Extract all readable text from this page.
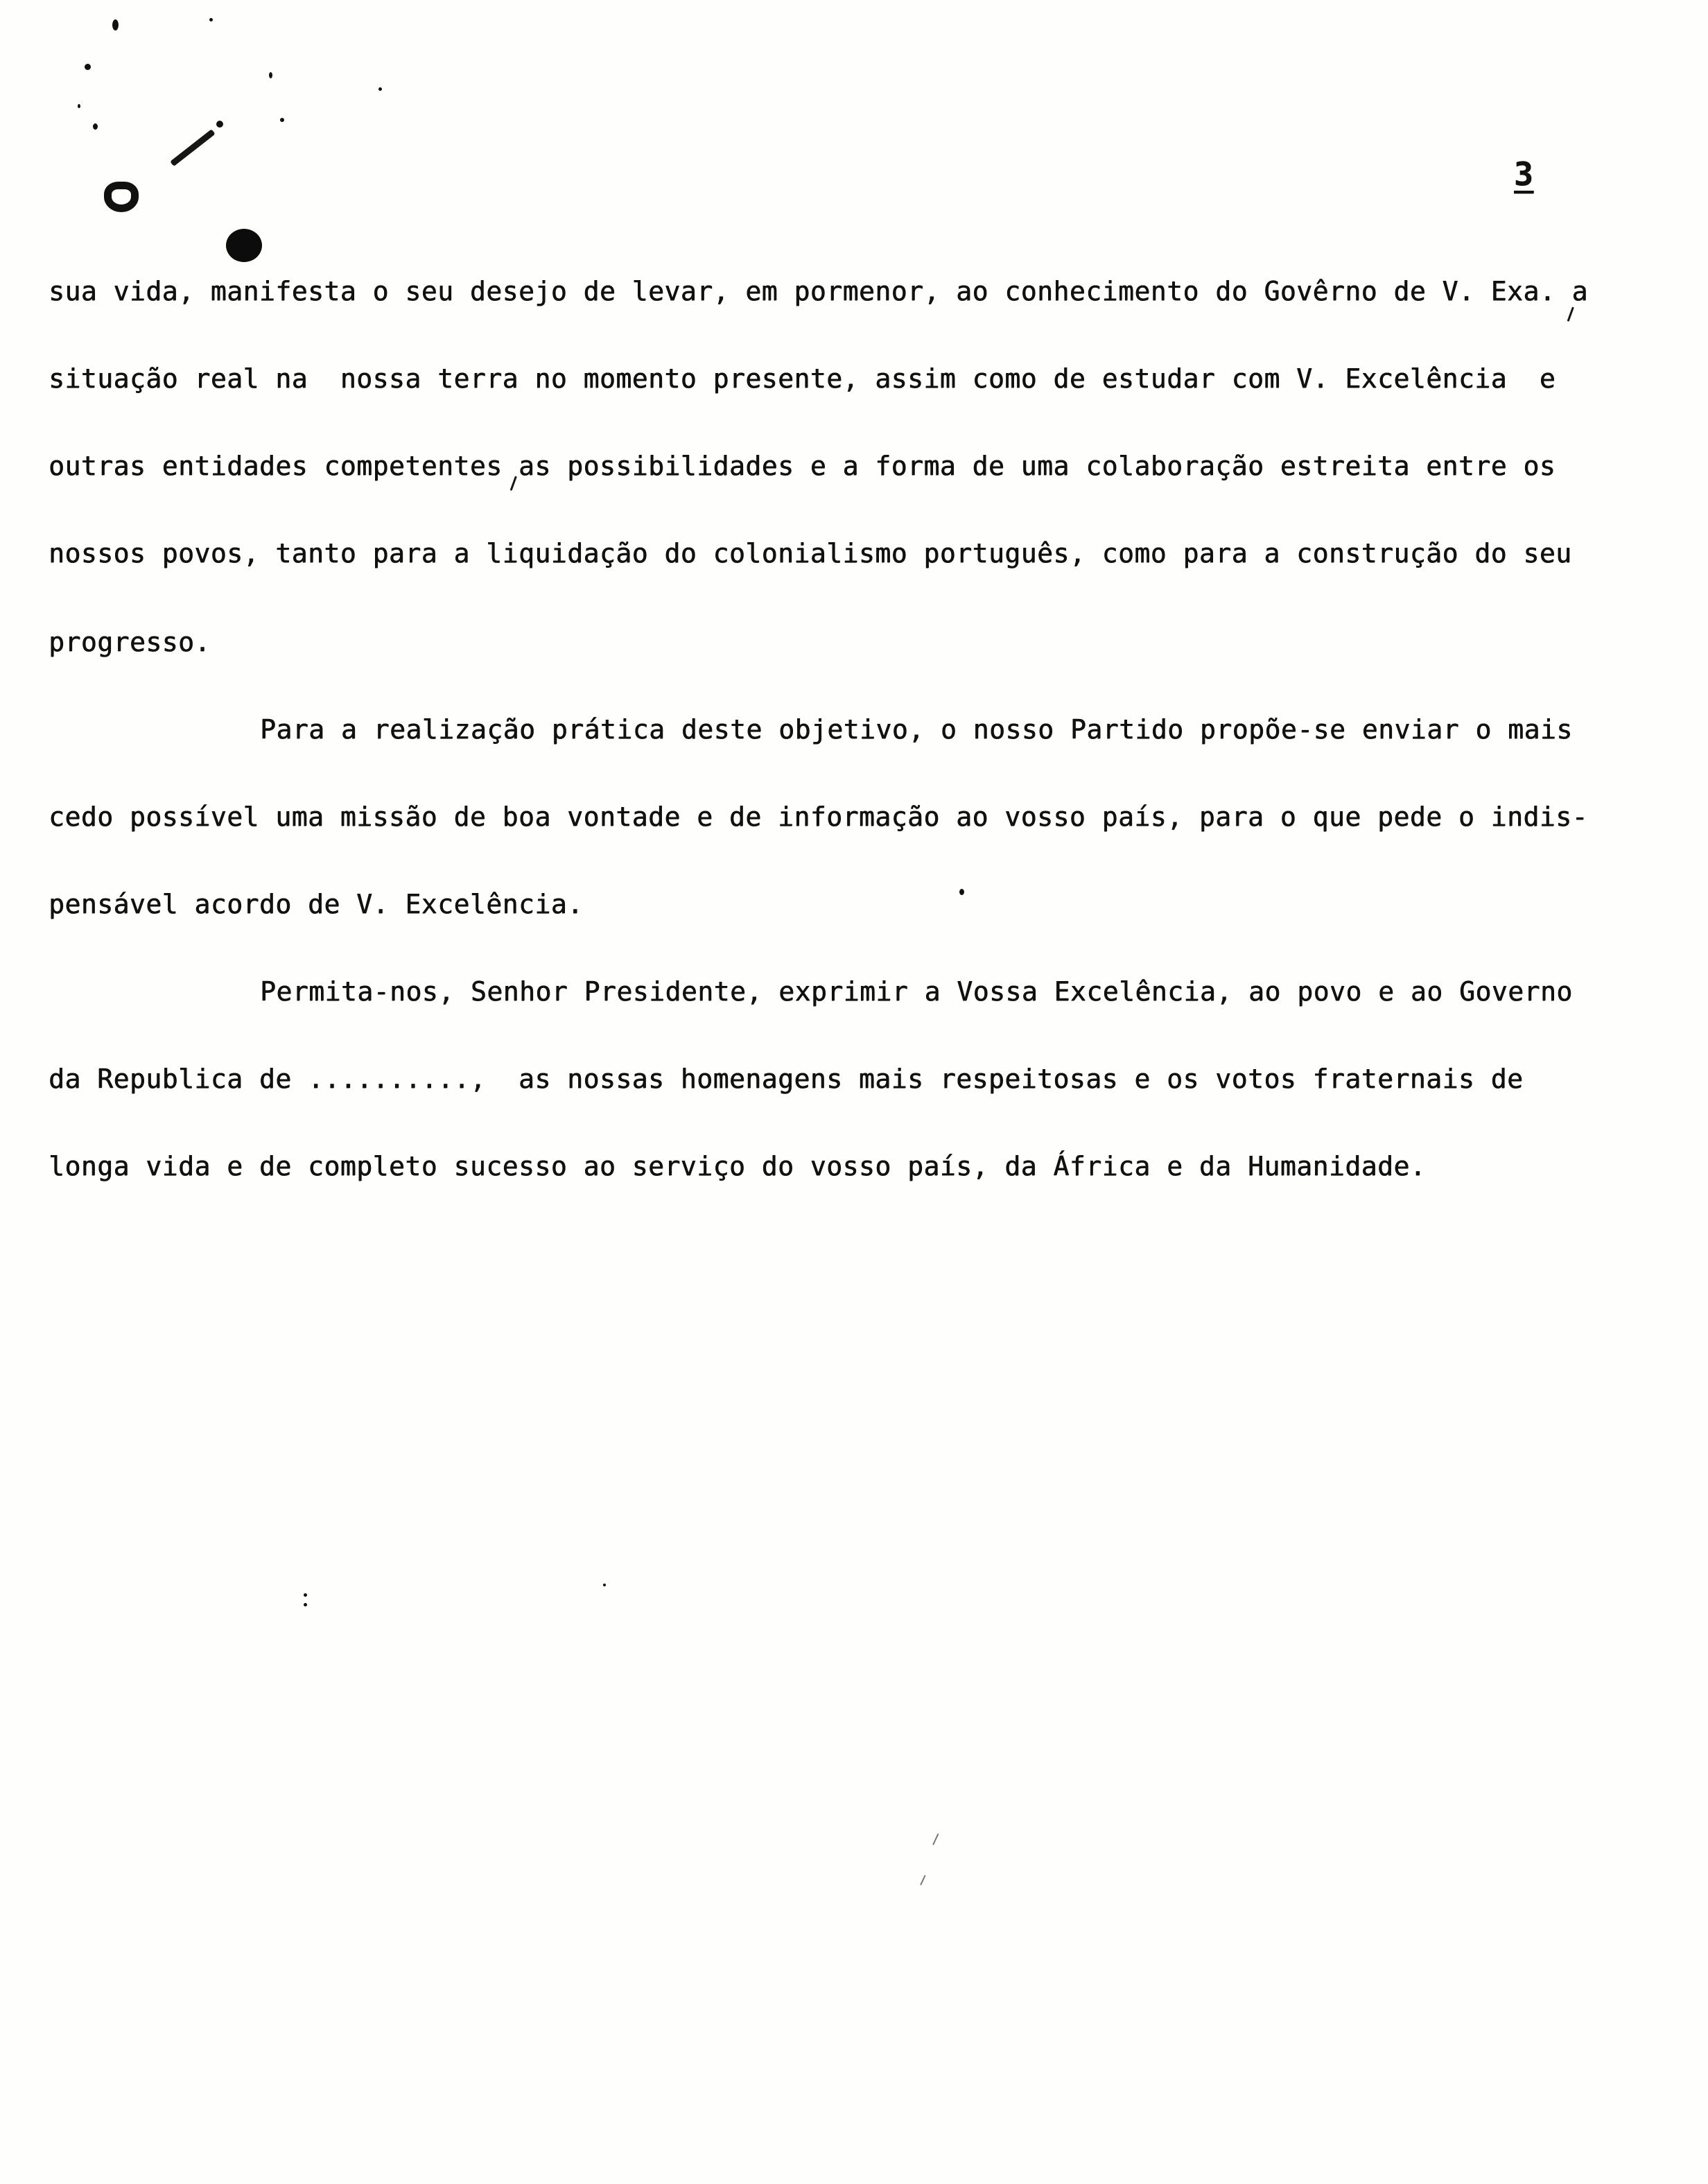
3

sua vida, manifesta o seu desejo de levar, em pormenor, ao conhecimento do Govêrno de V. Exa. a

situação real na  nossa terra no momento presente, assim como de estudar com V. Excelência  e

outras entidades competentes as possibilidades e a forma de uma colaboração estreita entre os

nossos povos, tanto para a liquidação do colonialismo português, como para a construção do seu

progresso.

Para a realização prática deste objetivo, o nosso Partido propõe-se enviar o mais

cedo possível uma missão de boa vontade e de informação ao vosso país, para o que pede o indis-

pensável acordo de V. Excelência.

Permita-nos, Senhor Presidente, exprimir a Vossa Excelência, ao povo e ao Governo

da Republica de ..........,  as nossas homenagens mais respeitosas e os votos fraternais de

longa vida e de completo sucesso ao serviço do vosso país, da África e da Humanidade.
